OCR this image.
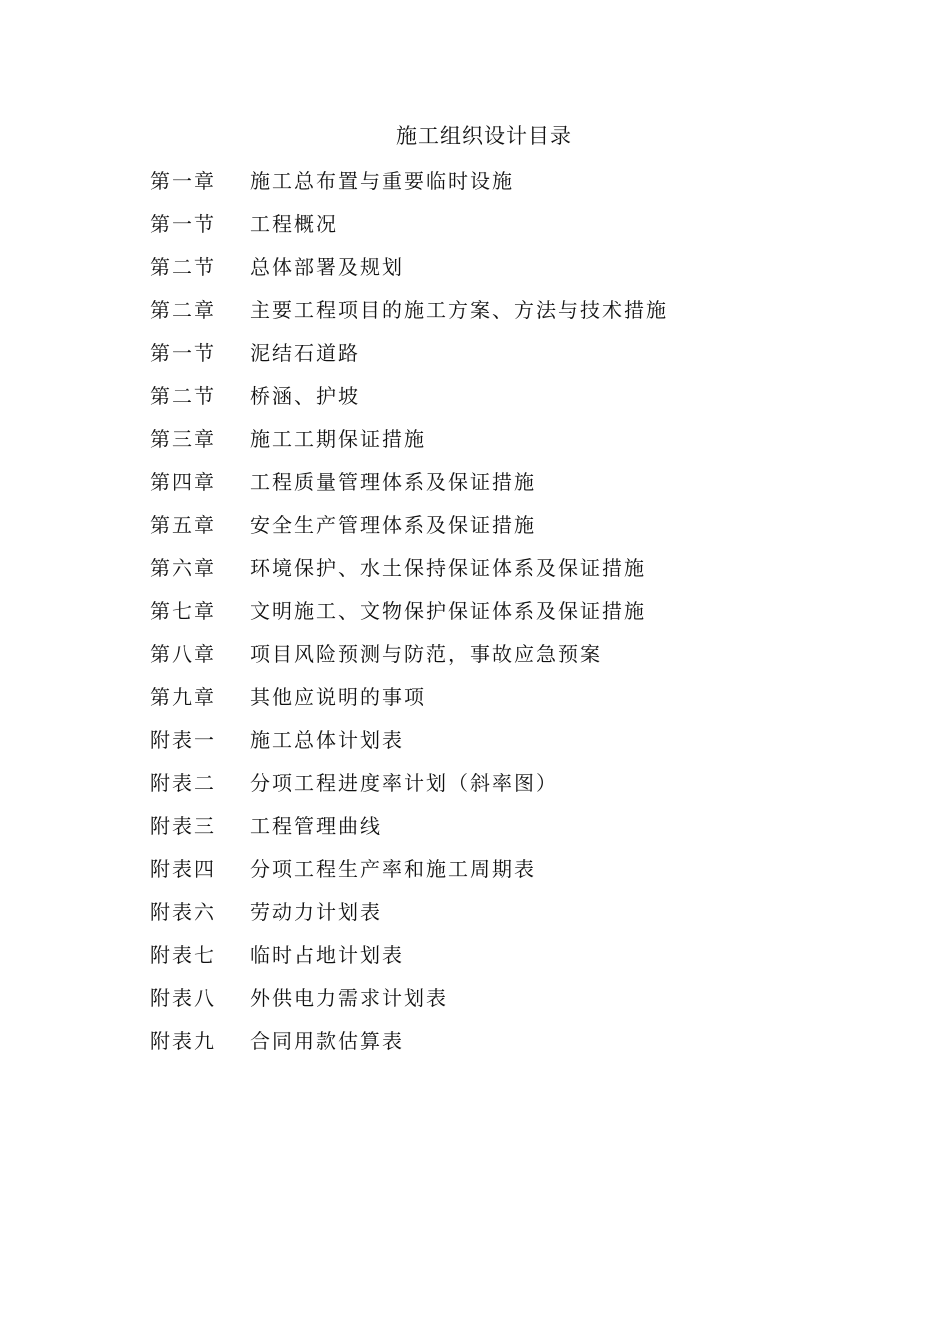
施工组织设计目录
第一章	施工总布置与重要临时设施
第一节	工程概况
第二节	总体部署及规划
第二章	主要工程项目的施工方案、方法与技术措施
第一节	泥结石道路
第二节	桥涵、护坡
第三章	施工工期保证措施
第四章	工程质量管理体系及保证措施
第五章	安全生产管理体系及保证措施
第六章	环境保护、水土保持保证体系及保证措施
第七章	文明施工、文物保护保证体系及保证措施
第八章	项目风险预测与防范，事故应急预案
第九章	其他应说明的事项
附表一	施工总体计划表
附表二	分项工程进度率计划（斜率图）
附表三	工程管理曲线
附表四	分项工程生产率和施工周期表
附表六	劳动力计划表
附表七	临时占地计划表
附表八	外供电力需求计划表
附表九	合同用款估算表
